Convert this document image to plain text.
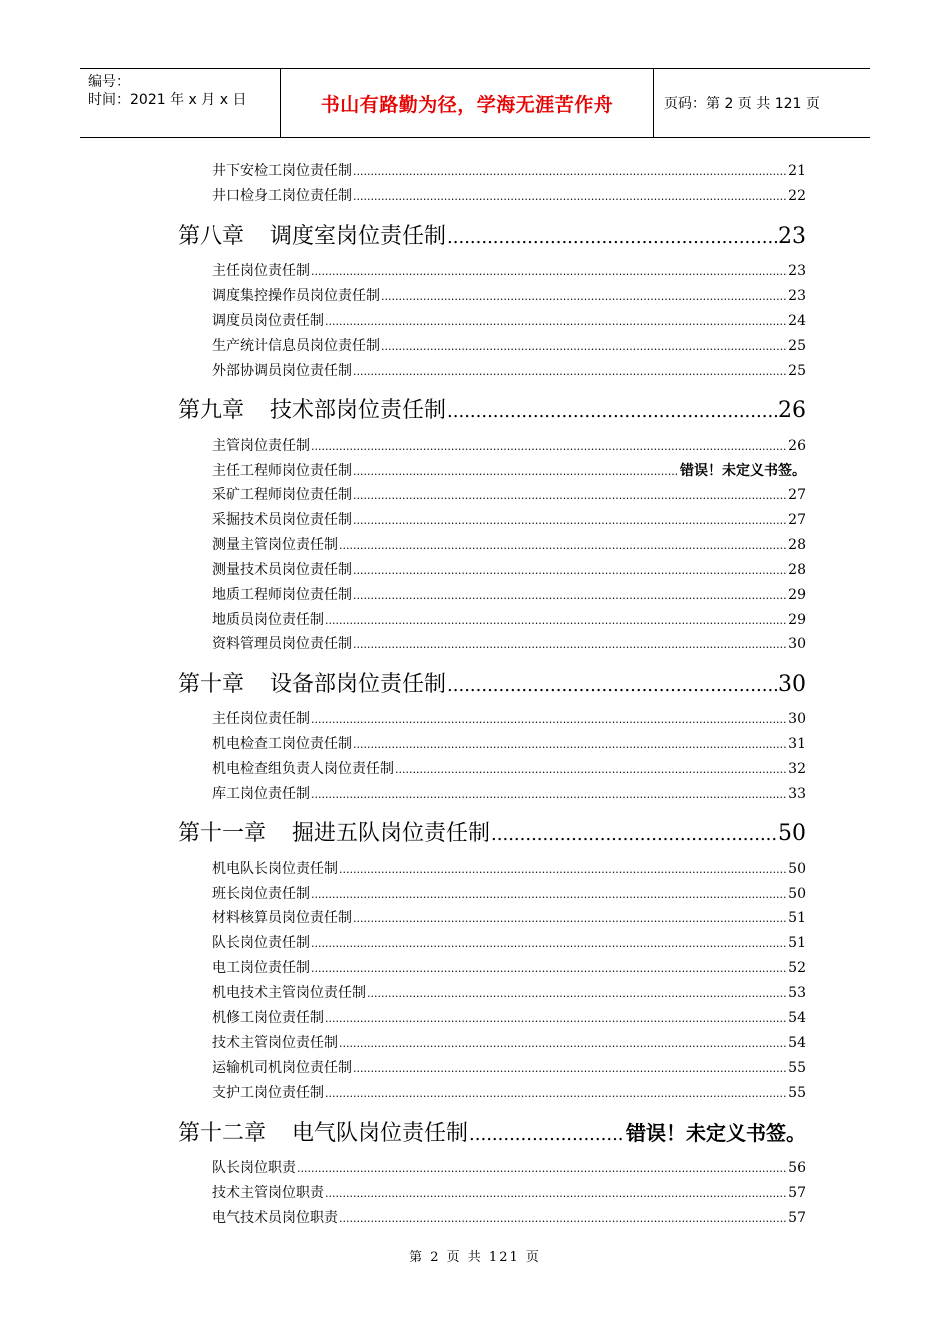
编号：
时间：2021 年 x 月 x 日	书山有路勤为径，学海无涯苦作舟	页码：第 2 页 共 121 页
井下安检工岗位责任制 .....	21
井口检身工岗位责任制 .....	22
第八章 调度室岗位责任制 .....	23
主任岗位责任制 .....	23
调度集控操作员岗位责任制 .....	23
调度员岗位责任制 .....	24
生产统计信息员岗位责任制 .....	25
外部协调员岗位责任制 .....	25
第九章 技术部岗位责任制 .....	26
主管岗位责任制 .....	26
主任工程师岗位责任制 .....	错误！未定义书签。
采矿工程师岗位责任制 .....	27
采掘技术员岗位责任制 .....	27
测量主管岗位责任制 .....	28
测量技术员岗位责任制 .....	28
地质工程师岗位责任制 .....	29
地质员岗位责任制 .....	29
资料管理员岗位责任制 .....	30
第十章 设备部岗位责任制 .....	30
主任岗位责任制 .....	30
机电检查工岗位责任制 .....	31
机电检查组负责人岗位责任制 .....	32
库工岗位责任制 .....	33
第十一章 掘进五队岗位责任制 .....	50
机电队长岗位责任制 .....	50
班长岗位责任制 .....	50
材料核算员岗位责任制 .....	51
队长岗位责任制 .....	51
电工岗位责任制 .....	52
机电技术主管岗位责任制 .....	53
机修工岗位责任制 .....	54
技术主管岗位责任制 .....	54
运输机司机岗位责任制 .....	55
支护工岗位责任制 .....	55
第十二章 电气队岗位责任制 .....	错误！未定义书签。
队长岗位职责 .....	56
技术主管岗位职责 .....	57
电气技术员岗位职责 .....	57
第 2 页 共 121 页
